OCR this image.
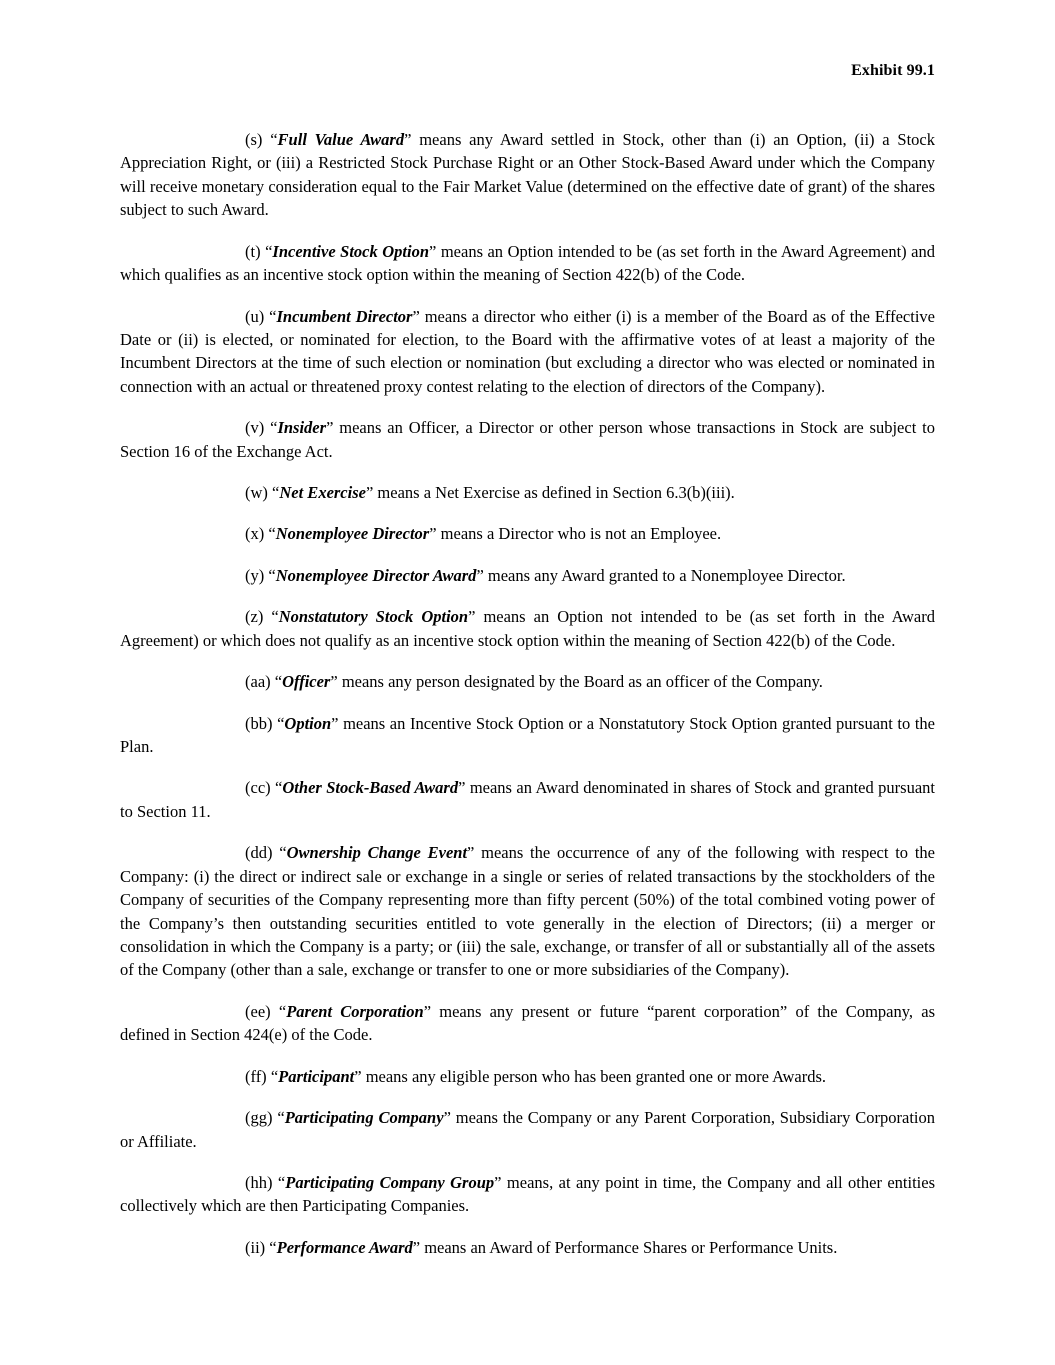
Exhibit 99.1

(s) “Full Value Award” means any Award settled in Stock, other than (i) an Option, (ii) a Stock Appreciation Right, or (iii) a Restricted Stock Purchase Right or an Other Stock-Based Award under which the Company will receive monetary consideration equal to the Fair Market Value (determined on the effective date of grant) of the shares subject to such Award.

(t) “Incentive Stock Option” means an Option intended to be (as set forth in the Award Agreement) and which qualifies as an incentive stock option within the meaning of Section 422(b) of the Code.

(u) “Incumbent Director” means a director who either (i) is a member of the Board as of the Effective Date or (ii) is elected, or nominated for election, to the Board with the affirmative votes of at least a majority of the Incumbent Directors at the time of such election or nomination (but excluding a director who was elected or nominated in connection with an actual or threatened proxy contest relating to the election of directors of the Company).

(v) “Insider” means an Officer, a Director or other person whose transactions in Stock are subject to Section 16 of the Exchange Act.

(w) “Net Exercise” means a Net Exercise as defined in Section 6.3(b)(iii).

(x) “Nonemployee Director” means a Director who is not an Employee.

(y) “Nonemployee Director Award” means any Award granted to a Nonemployee Director.

(z) “Nonstatutory Stock Option” means an Option not intended to be (as set forth in the Award Agreement) or which does not qualify as an incentive stock option within the meaning of Section 422(b) of the Code.

(aa) “Officer” means any person designated by the Board as an officer of the Company.

(bb) “Option” means an Incentive Stock Option or a Nonstatutory Stock Option granted pursuant to the Plan.

(cc) “Other Stock-Based Award” means an Award denominated in shares of Stock and granted pursuant to Section 11.

(dd) “Ownership Change Event” means the occurrence of any of the following with respect to the Company: (i) the direct or indirect sale or exchange in a single or series of related transactions by the stockholders of the Company of securities of the Company representing more than fifty percent (50%) of the total combined voting power of the Company’s then outstanding securities entitled to vote generally in the election of Directors; (ii) a merger or consolidation in which the Company is a party; or (iii) the sale, exchange, or transfer of all or substantially all of the assets of the Company (other than a sale, exchange or transfer to one or more subsidiaries of the Company).

(ee) “Parent Corporation” means any present or future “parent corporation” of the Company, as defined in Section 424(e) of the Code.

(ff) “Participant” means any eligible person who has been granted one or more Awards.

(gg) “Participating Company” means the Company or any Parent Corporation, Subsidiary Corporation or Affiliate.

(hh) “Participating Company Group” means, at any point in time, the Company and all other entities collectively which are then Participating Companies.

(ii) “Performance Award” means an Award of Performance Shares or Performance Units.
